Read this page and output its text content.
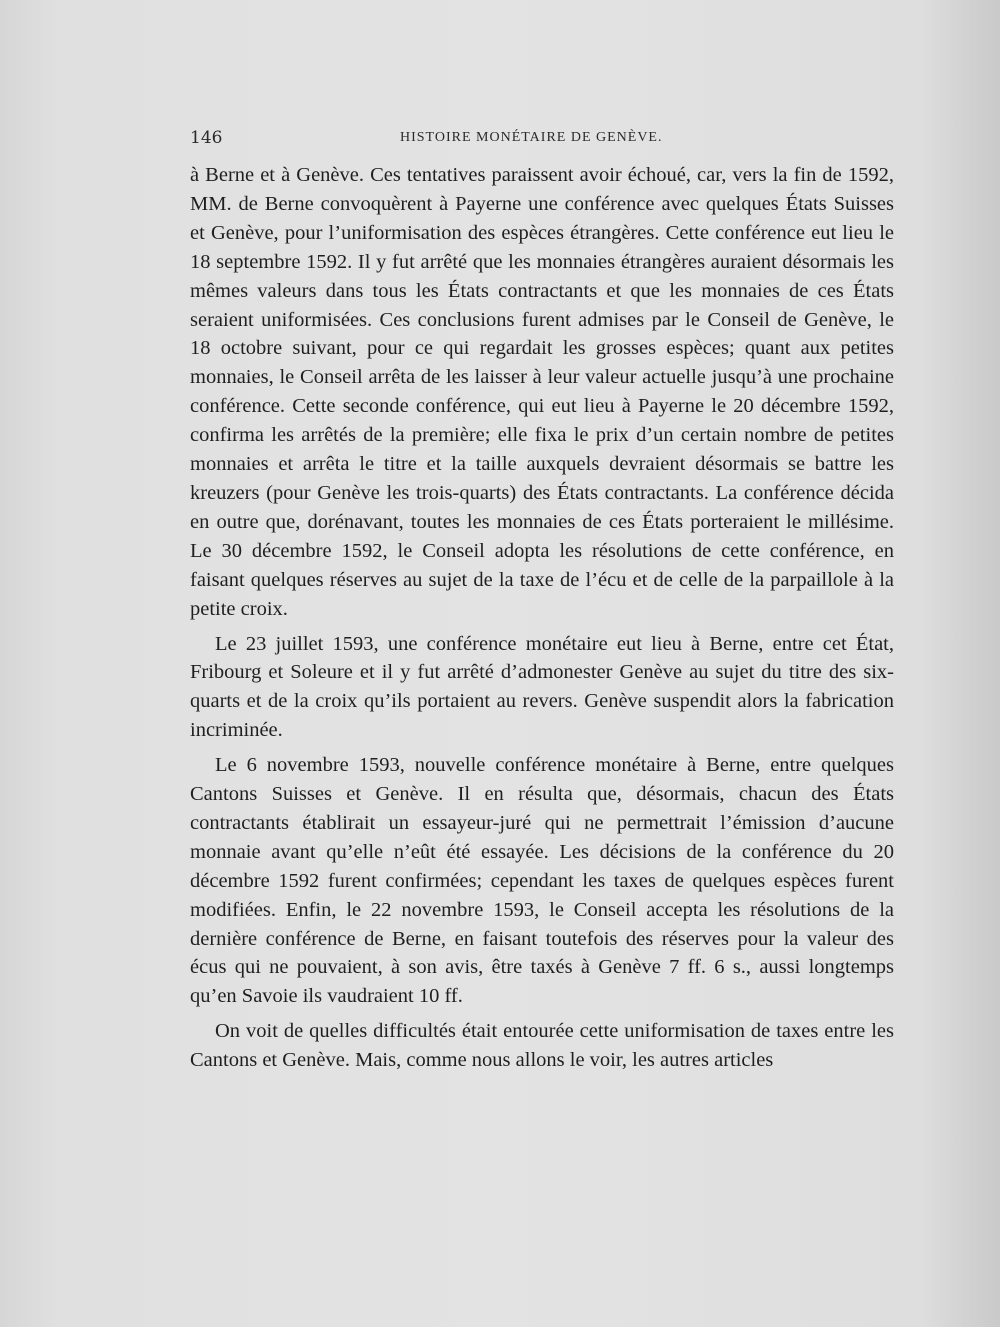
146	HISTOIRE MONÉTAIRE DE GENÈVE.

à Berne et à Genève. Ces tentatives paraissent avoir échoué, car, vers la fin de 1592, MM. de Berne convoquèrent à Payerne une conférence avec quelques États Suisses et Genève, pour l’uniformisation des espèces étrangères. Cette conférence eut lieu le 18 septembre 1592. Il y fut arrêté que les monnaies étrangères auraient désormais les mêmes valeurs dans tous les États contractants et que les monnaies de ces États seraient uniformisées. Ces conclusions furent admises par le Conseil de Genève, le 18 octobre suivant, pour ce qui regardait les grosses espèces; quant aux petites monnaies, le Conseil arrêta de les laisser à leur valeur actuelle jusqu’à une prochaine conférence. Cette seconde conférence, qui eut lieu à Payerne le 20 décembre 1592, confirma les arrêtés de la première; elle fixa le prix d’un certain nombre de petites monnaies et arrêta le titre et la taille auxquels devraient désormais se battre les kreuzers (pour Genève les trois-quarts) des États contractants. La conférence décida en outre que, dorénavant, toutes les monnaies de ces États porteraient le millésime. Le 30 décembre 1592, le Conseil adopta les résolutions de cette conférence, en faisant quelques réserves au sujet de la taxe de l’écu et de celle de la parpaillole à la petite croix.

Le 23 juillet 1593, une conférence monétaire eut lieu à Berne, entre cet État, Fribourg et Soleure et il y fut arrêté d’admonester Genève au sujet du titre des six-quarts et de la croix qu’ils portaient au revers. Genève suspendit alors la fabrication incriminée.

Le 6 novembre 1593, nouvelle conférence monétaire à Berne, entre quelques Cantons Suisses et Genève. Il en résulta que, désormais, chacun des États contractants établirait un essayeur-juré qui ne permettrait l’émission d’aucune monnaie avant qu’elle n’eût été essayée. Les décisions de la conférence du 20 décembre 1592 furent confirmées; cependant les taxes de quelques espèces furent modifiées. Enfin, le 22 novembre 1593, le Conseil accepta les résolutions de la dernière conférence de Berne, en faisant toutefois des réserves pour la valeur des écus qui ne pouvaient, à son avis, être taxés à Genève 7 ff. 6 s., aussi longtemps qu’en Savoie ils vaudraient 10 ff.

On voit de quelles difficultés était entourée cette uniformisation de taxes entre les Cantons et Genève. Mais, comme nous allons le voir, les autres articles
